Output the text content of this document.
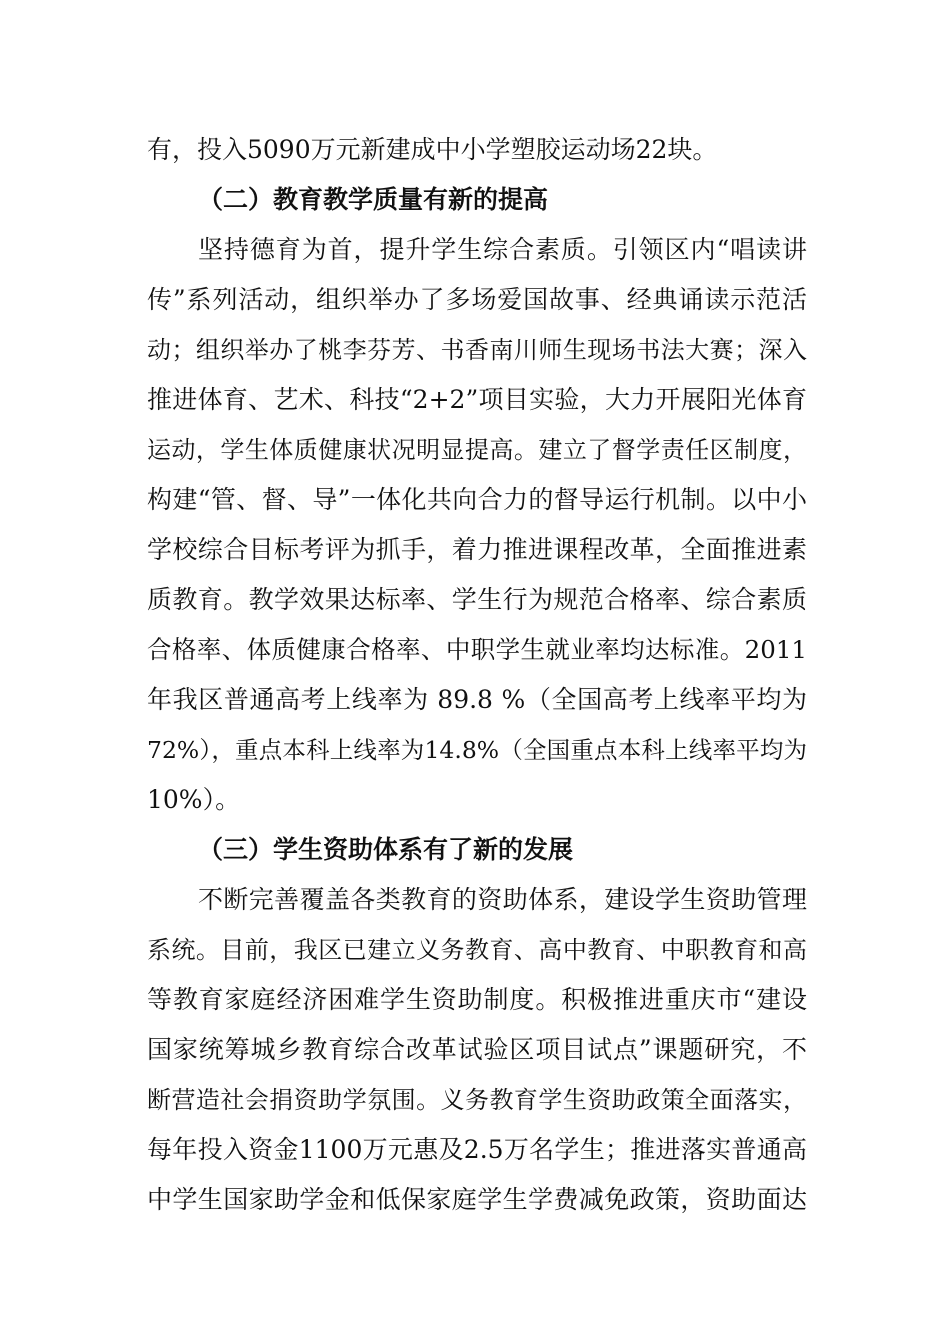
有，投入5090万元新建成中小学塑胶运动场22块。
（二）教育教学质量有新的提高
坚持德育为首，提升学生综合素质。引领区内“唱读讲
传”系列活动，组织举办了多场爱国故事、经典诵读示范活
动；组织举办了桃李芬芳、书香南川师生现场书法大赛；深入
推进体育、艺术、科技“2+2”项目实验，大力开展阳光体育
运动，学生体质健康状况明显提高。建立了督学责任区制度，
构建“管、督、导”一体化共向合力的督导运行机制。以中小
学校综合目标考评为抓手，着力推进课程改革，全面推进素
质教育。教学效果达标率、学生行为规范合格率、综合素质
合格率、体质健康合格率、中职学生就业率均达标准。2011
年我区普通高考上线率为 89.8 %（全国高考上线率平均为
72%），重点本科上线率为14.8%（全国重点本科上线率平均为
10%）。
（三）学生资助体系有了新的发展
不断完善覆盖各类教育的资助体系，建设学生资助管理
系统。目前，我区已建立义务教育、高中教育、中职教育和高
等教育家庭经济困难学生资助制度。积极推进重庆市“建设
国家统筹城乡教育综合改革试验区项目试点”课题研究，不
断营造社会捐资助学氛围。义务教育学生资助政策全面落实，
每年投入资金1100万元惠及2.5万名学生；推进落实普通高
中学生国家助学金和低保家庭学生学费减免政策，资助面达
